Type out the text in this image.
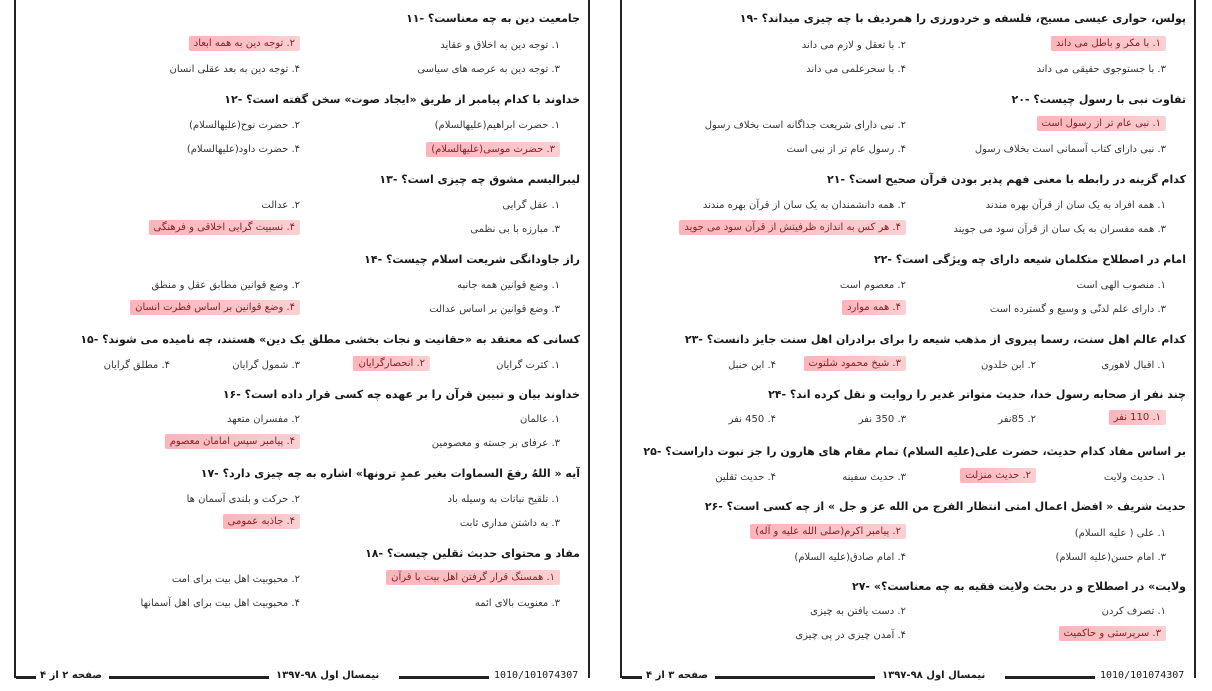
۱۱- جامعیت دین به چه معناست؟
۱. توجه دین به اخلاق و عقاید
۲. توجه دین به همه ابعاد
۳. توجه دین به عرصه های سیاسی
۴. توجه دین به بعد عقلی انسان
۱۲- خداوند با کدام پیامبر از طریق «ایجاد صوت» سخن گفته است؟
۱. حضرت ابراهیم(علیهالسلام)
۲. حضرت نوح(علیهالسلام)
۳. حضرت موسی(علیهالسلام)
۴. حضرت داود(علیهالسلام)
۱۳- لیبرالیسم مشوق چه چیزی است؟
۱. عقل گرایی
۲. عدالت
۳. مبارزه با بی نظمی
۴. نسبیت گرایی اخلاقی و فرهنگی
۱۴- راز جاودانگی شریعت اسلام چیست؟
۱. وضع قوانین همه جانبه
۲. وضع قوانین مطابق عقل و منطق
۳. وضع قوانین بر اساس عدالت
۴. وضع قوانین بر اساس فطرت انسان
۱۵- کسانی که معتقد به «حقانیت و نجات بخشی مطلق یک دین» هستند، چه نامیده می شوند؟
۱. کثرت گرایان
۲. انحصارگرایان
۳. شمول گرایان
۴. مطلق گرایان
۱۶- خداوند بیان و تبیین قرآن را بر عهده چه کسی قرار داده است؟
۱. عالمان
۲. مفسران متعهد
۳. عرفای بر جسته و معصومین
۴. پیامبر سپس امامان معصوم
۱۷- آیه « اللهُ رفعَ السماوات بغیر عمدٍ ترونها» اشاره به چه چیزی دارد؟
۱. تلقیح نباتات به وسیله باد
۲. حرکت و بلندی آسمان ها
۳. به داشتن مداری ثابت
۴. جاذبه عمومی
۱۸- مفاد و محتوای حدیث ثقلین چیست؟
۱. همسنگ قرار گرفتن اهل بیت با قرآن
۲. محبوبیت اهل بیت برای امت
۳. معنویت بالای ائمه
۴. محبوبیت اهل بیت برای اهل آسمانها
1010/101074307
نیمسال اول ۹۸-۱۳۹۷
صفحه ۲ از ۴
۱۹- پولس، حواری عیسی مسیح، فلسفه و خردورزی را همردیف با چه چیزی میداند؟
۱. با مکر و باطل می داند
۲. با تعقل و لازم می داند
۳. با جستوجوی حقیقی می داند
۴. با سحرعلمی می داند
۲۰- تفاوت نبی با رسول چیست؟
۱. نبی عام تر از رسول است
۲. نبی دارای شریعت جداگانه است بخلاف رسول
۳. نبی دارای کتاب آسمانی است بخلاف رسول
۴. رسول عام تر از نبی است
۲۱- کدام گزینه در رابطه با معنی فهم پذیر بودن قرآن صحیح است؟
۱. همه افراد به یک سان از قرآن بهره مندند
۲. همه دانشمندان به یک سان از قرآن بهره مندند
۳. همه مفسران به یک سان از قرآن سود می جویند
۴. هر کس به اندازه ظرفیتش از قرآن سود می جوید
۲۲- امام در اصطلاح متکلمان شیعه دارای چه ویژگی است؟
۱. منصوب الهی است
۲. معصوم است
۳. دارای علم لدنّی و وسیع و گسترده است
۴. همه موارد
۲۳- کدام عالم اهل سنت، رسما پیروی از مذهب شیعه را برای برادران اهل سنت جایز دانست؟
۱. اقبال لاهوری
۲. ابن خلدون
۳. شیخ محمود شلتوت
۴. ابن حنبل
۲۴- چند نفر از صحابه رسول خدا، حدیث متواتر غدیر را روایت و نقل کرده اند؟
۱. 110 نفر
۲. 85نفر
۳. 350 نفر
۴. 450 نفر
۲۵- بر اساس مفاد کدام حدیث، حضرت علی(علیه السلام) تمام مقام های هارون را جز نبوت داراست؟
۱. حدیث ولایت
۲. حدیث منزلت
۳. حدیث سفینه
۴. حدیث ثقلین
۲۶- حدیث شریف « افضل اعمال امتی انتظار الفرج من الله عز و جل » از چه کسی است؟
۱. علی ( علیه السلام)
۲. پیامبر اکرم(صلی الله علیه و آله)
۳. امام حسن(علیه السلام)
۴. امام صادق(علیه السلام)
۲۷- «ولایت» در اصطلاح و در بحث ولایت فقیه به چه معناست؟
۱. تصرف کردن
۲. دست یافتن به چیزی
۳. سرپرستی و حاکمیت
۴. آمدن چیزی در پی چیزی
1010/101074307
نیمسال اول ۹۸-۱۳۹۷
صفحه ۳ از ۴
